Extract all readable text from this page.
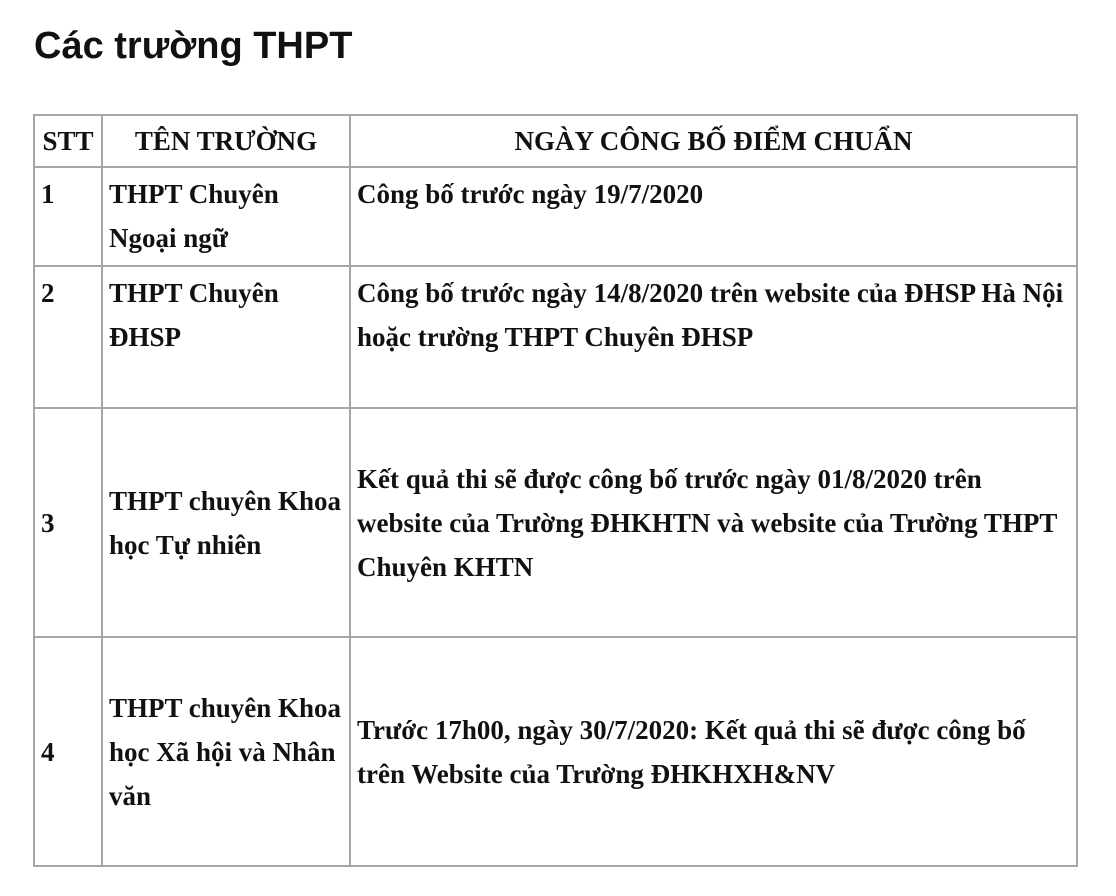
Các trường THPT
STT	TÊN TRƯỜNG	NGÀY CÔNG BỐ ĐIỂM CHUẨN
1	THPT Chuyên Ngoại ngữ	Công bố trước ngày 19/7/2020
2	THPT Chuyên ĐHSP	Công bố trước ngày 14/8/2020 trên website của ĐHSP Hà Nội hoặc trường THPT Chuyên ĐHSP
3	THPT chuyên Khoa học Tự nhiên	Kết quả thi sẽ được công bố trước ngày 01/8/2020 trên website của Trường ĐHKHTN và website của Trường THPT Chuyên KHTN
4	THPT chuyên Khoa học Xã hội và Nhân văn	Trước 17h00, ngày 30/7/2020: Kết quả thi sẽ được công bố trên Website của Trường ĐHKHXH&NV
